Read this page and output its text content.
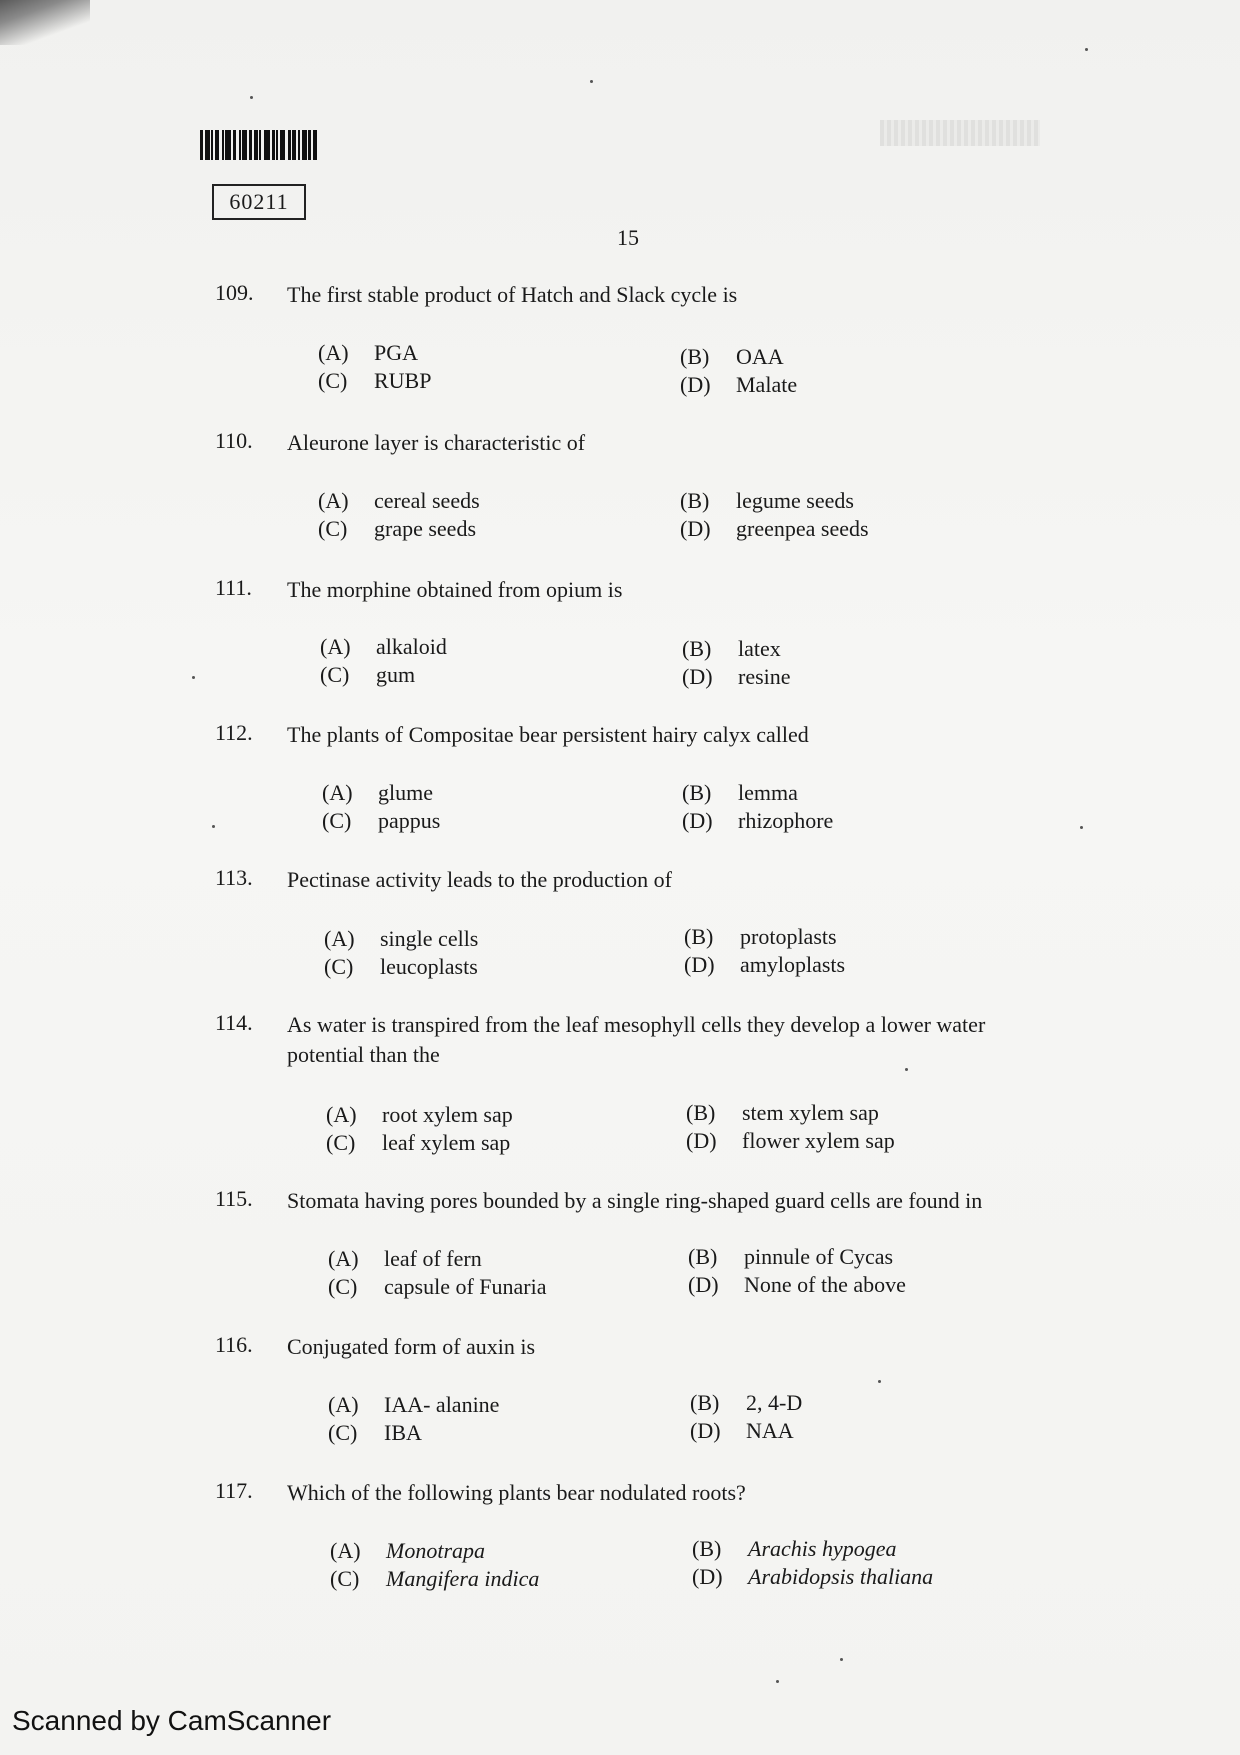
60211
15
109.	The first stable product of Hatch and Slack cycle is
(A) PGA	(B) OAA
(C) RUBP	(D) Malate
110.	Aleurone layer is characteristic of
(A) cereal seeds	(B) legume seeds
(C) grape seeds	(D) greenpea seeds
111.	The morphine obtained from opium is
(A) alkaloid	(B) latex
(C) gum	(D) resine
112.	The plants of Compositae bear persistent hairy calyx called
(A) glume	(B) lemma
(C) pappus	(D) rhizophore
113.	Pectinase activity leads to the production of
(A) single cells	(B) protoplasts
(C) leucoplasts	(D) amyloplasts
114.	As water is transpired from the leaf mesophyll cells they develop a lower water potential than the
(A) root xylem sap	(B) stem xylem sap
(C) leaf xylem sap	(D) flower xylem sap
115.	Stomata having pores bounded by a single ring-shaped guard cells are found in
(A) leaf of fern	(B) pinnule of Cycas
(C) capsule of Funaria	(D) None of the above
116.	Conjugated form of auxin is
(A) IAA- alanine	(B) 2, 4-D
(C) IBA	(D) NAA
117.	Which of the following plants bear nodulated roots?
(A) Monotrapa	(B) Arachis hypogea
(C) Mangifera indica	(D) Arabidopsis thaliana
Scanned by CamScanner
